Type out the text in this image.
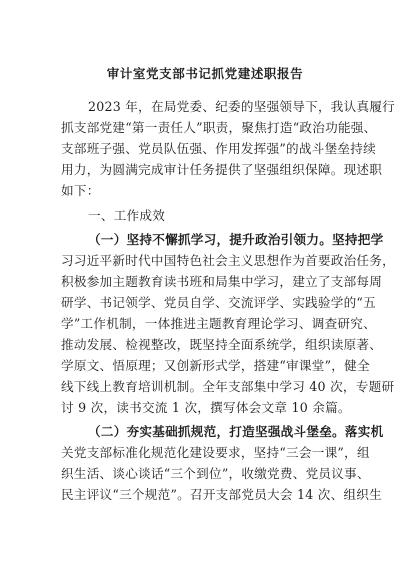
审计室党支部书记抓党建述职报告
2023 年，在局党委、纪委的坚强领导下，我认真履行
抓支部党建“第一责任人”职责，聚焦打造“政治功能强、
支部班子强、党员队伍强、作用发挥强”的战斗堡垒持续
用力，为圆满完成审计任务提供了坚强组织保障。现述职
如下：
一、工作成效
（一）坚持不懈抓学习，提升政治引领力。坚持把学
习习近平新时代中国特色社会主义思想作为首要政治任务，
积极参加主题教育读书班和局集中学习，建立了支部每周
研学、书记领学、党员自学、交流评学、实践验学的“五
学”工作机制，一体推进主题教育理论学习、调查研究、
推动发展、检视整改，既坚持全面系统学，组织读原著、
学原文、悟原理；又创新形式学，搭建“审课堂”，健全
线下线上教育培训机制。全年支部集中学习 40 次，专题研
讨 9 次，读书交流 1 次，撰写体会文章 10 余篇。
（二）夯实基础抓规范，打造坚强战斗堡垒。落实机
关党支部标准化规范化建设要求，坚持“三会一课”，组
织生活、谈心谈话“三个到位”，收缴党费、党员议事、
民主评议“三个规范”。召开支部党员大会 14 次、组织生
